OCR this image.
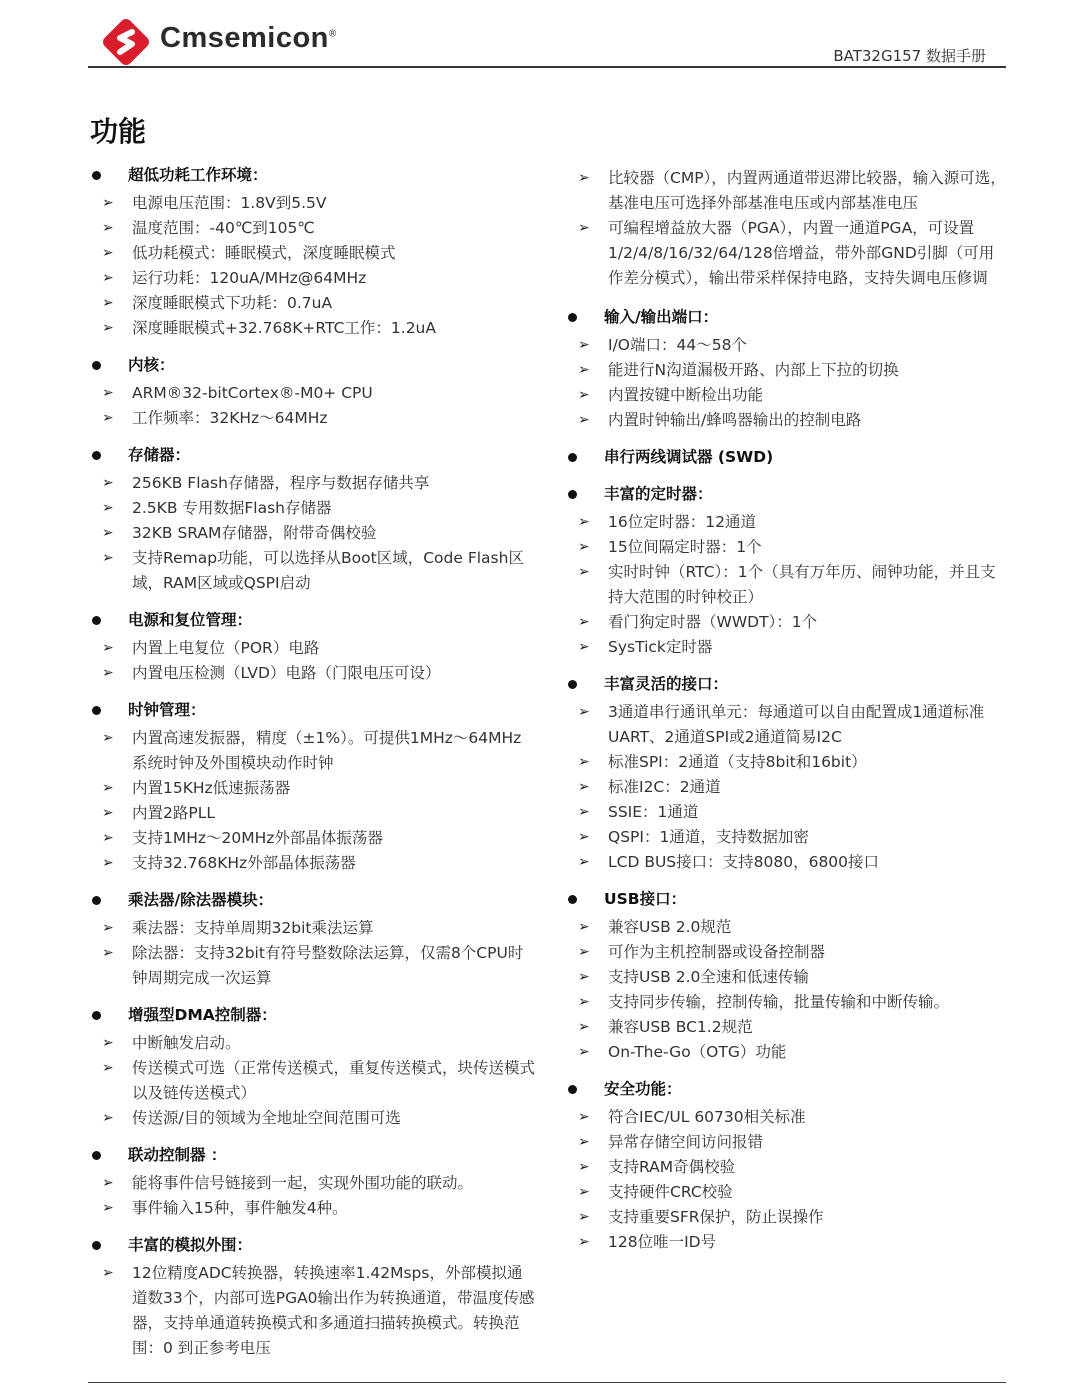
Cmsemicon®
BAT32G157 数据手册
功能
超低功耗工作环境：
➢ 电源电压范围：1.8V到5.5V
➢ 温度范围：-40℃到105℃
➢ 低功耗模式：睡眠模式，深度睡眠模式
➢ 运行功耗：120uA/MHz@64MHz
➢ 深度睡眠模式下功耗：0.7uA
➢ 深度睡眠模式+32.768K+RTC工作：1.2uA
内核：
➢ ARM®32-bitCortex®-M0+ CPU
➢ 工作频率：32KHz～64MHz
存储器：
➢ 256KB Flash存储器，程序与数据存储共享
➢ 2.5KB 专用数据Flash存储器
➢ 32KB SRAM存储器，附带奇偶校验
➢ 支持Remap功能，可以选择从Boot区域，Code Flash区域，RAM区域或QSPI启动
电源和复位管理：
➢ 内置上电复位（POR）电路
➢ 内置电压检测（LVD）电路（门限电压可设）
时钟管理：
➢ 内置高速发振器，精度（±1%）。可提供1MHz～64MHz系统时钟及外围模块动作时钟
➢ 内置15KHz低速振荡器
➢ 内置2路PLL
➢ 支持1MHz～20MHz外部晶体振荡器
➢ 支持32.768KHz外部晶体振荡器
乘法器/除法器模块：
➢ 乘法器：支持单周期32bit乘法运算
➢ 除法器：支持32bit有符号整数除法运算，仅需8个CPU时钟周期完成一次运算
增强型DMA控制器：
➢ 中断触发启动。
➢ 传送模式可选（正常传送模式，重复传送模式，块传送模式以及链传送模式）
➢ 传送源/目的领域为全地址空间范围可选
联动控制器 ：
➢ 能将事件信号链接到一起，实现外围功能的联动。
➢ 事件输入15种，事件触发4种。
丰富的模拟外围：
➢ 12位精度ADC转换器，转换速率1.42Msps，外部模拟通道数33个，内部可选PGA0输出作为转换通道，带温度传感器，支持单通道转换模式和多通道扫描转换模式。转换范围：0 到正参考电压
➢ 比较器（CMP），内置两通道带迟滞比较器，输入源可选，基准电压可选择外部基准电压或内部基准电压
➢ 可编程增益放大器（PGA），内置一通道PGA，可设置1/2/4/8/16/32/64/128倍增益，带外部GND引脚（可用作差分模式），输出带采样保持电路，支持失调电压修调
输入/输出端口：
➢ I/O端口：44～58个
➢ 能进行N沟道漏极开路、内部上下拉的切换
➢ 内置按键中断检出功能
➢ 内置时钟输出/蜂鸣器输出的控制电路
串行两线调试器 (SWD)
丰富的定时器：
➢ 16位定时器：12通道
➢ 15位间隔定时器：1个
➢ 实时时钟（RTC）：1个（具有万年历、闹钟功能，并且支持大范围的时钟校正）
➢ 看门狗定时器（WWDT）：1个
➢ SysTick定时器
丰富灵活的接口：
➢ 3通道串行通讯单元：每通道可以自由配置成1通道标准UART、2通道SPI或2通道简易I2C
➢ 标准SPI：2通道（支持8bit和16bit）
➢ 标准I2C：2通道
➢ SSIE：1通道
➢ QSPI：1通道，支持数据加密
➢ LCD BUS接口：支持8080，6800接口
USB接口：
➢ 兼容USB 2.0规范
➢ 可作为主机控制器或设备控制器
➢ 支持USB 2.0全速和低速传输
➢ 支持同步传输，控制传输，批量传输和中断传输。
➢ 兼容USB BC1.2规范
➢ On-The-Go（OTG）功能
安全功能：
➢ 符合IEC/UL 60730相关标准
➢ 异常存储空间访问报错
➢ 支持RAM奇偶校验
➢ 支持硬件CRC校验
➢ 支持重要SFR保护，防止误操作
➢ 128位唯一ID号
